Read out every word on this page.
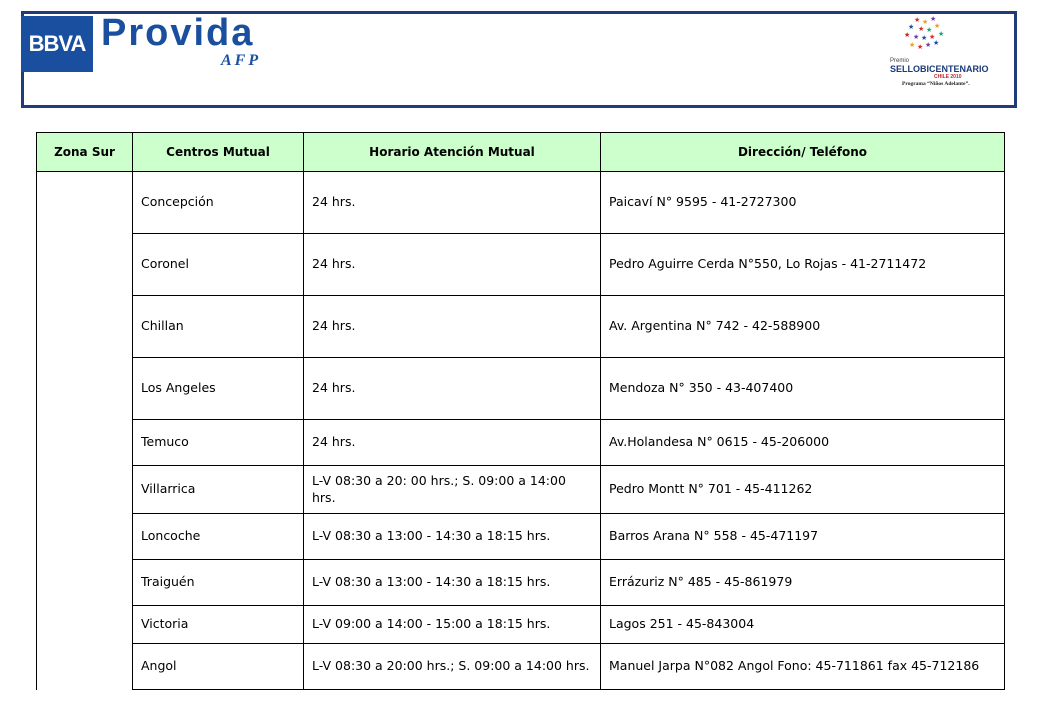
BBVA Provida
AFP
★ ★ ★
★ ★ ★ ★
★ ★ ★ ★ ★
★ ★ ★ ★
Premio
SELLOBICENTENARIO
CHILE 2010
Programa “Niños Adelante”.
Zona Sur	Centros Mutual	Horario Atención Mutual	Dirección/ Teléfono
	Concepción	24 hrs.	Paicaví N° 9595 - 41-2727300
	Coronel	24 hrs.	Pedro Aguirre Cerda N°550, Lo Rojas - 41-2711472
	Chillan	24 hrs.	Av. Argentina N° 742 - 42-588900
	Los Angeles	24 hrs.	Mendoza N° 350 - 43-407400
	Temuco	24 hrs.	Av.Holandesa N° 0615 - 45-206000
	Villarrica	L-V 08:30 a 20: 00 hrs.; S. 09:00 a 14:00 hrs.	Pedro Montt N° 701 - 45-411262
	Loncoche	L-V 08:30 a 13:00 - 14:30 a 18:15 hrs.	Barros Arana N° 558 - 45-471197
	Traiguén	L-V 08:30 a 13:00 - 14:30 a 18:15 hrs.	Errázuriz N° 485 - 45-861979
	Victoria	L-V 09:00 a 14:00 - 15:00 a 18:15 hrs.	Lagos 251 - 45-843004
	Angol	L-V 08:30 a 20:00 hrs.; S. 09:00 a 14:00 hrs.	Manuel Jarpa N°082 Angol Fono: 45-711861 fax 45-712186
